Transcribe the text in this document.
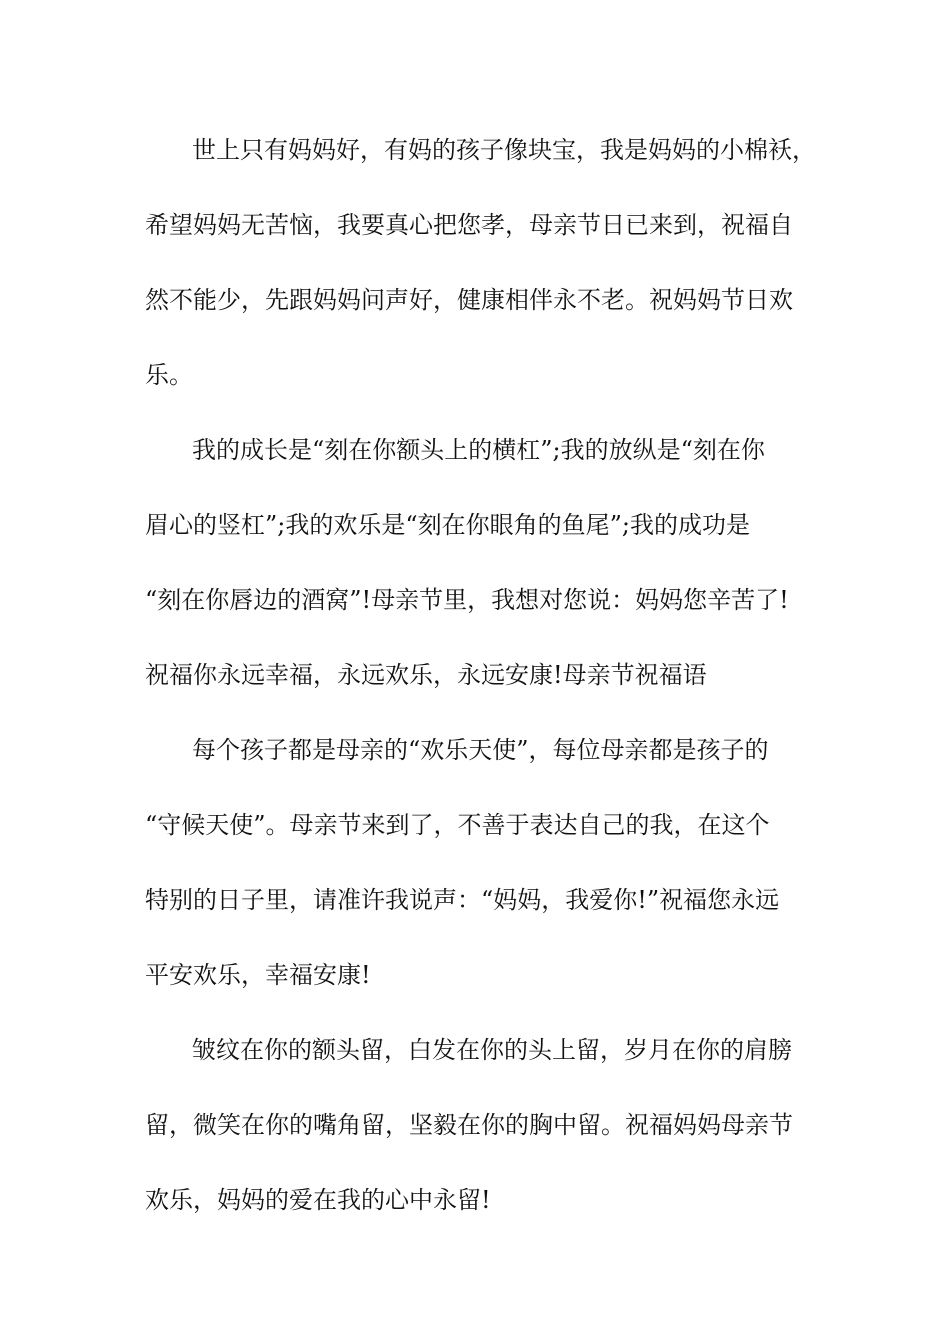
世上只有妈妈好，有妈的孩子像块宝，我是妈妈的小棉袄，

希望妈妈无苦恼，我要真心把您孝，母亲节日已来到，祝福自

然不能少，先跟妈妈问声好，健康相伴永不老。祝妈妈节日欢

乐。

我的成长是“刻在你额头上的横杠”;我的放纵是“刻在你

眉心的竖杠”;我的欢乐是“刻在你眼角的鱼尾”;我的成功是

“刻在你唇边的酒窝”!母亲节里，我想对您说：妈妈您辛苦了!

祝福你永远幸福，永远欢乐，永远安康!母亲节祝福语

每个孩子都是母亲的“欢乐天使”，每位母亲都是孩子的

“守候天使”。母亲节来到了，不善于表达自己的我，在这个

特别的日子里，请准许我说声：“妈妈，我爱你!”祝福您永远

平安欢乐，幸福安康!

皱纹在你的额头留，白发在你的头上留，岁月在你的肩膀

留，微笑在你的嘴角留，坚毅在你的胸中留。祝福妈妈母亲节

欢乐，妈妈的爱在我的心中永留!
